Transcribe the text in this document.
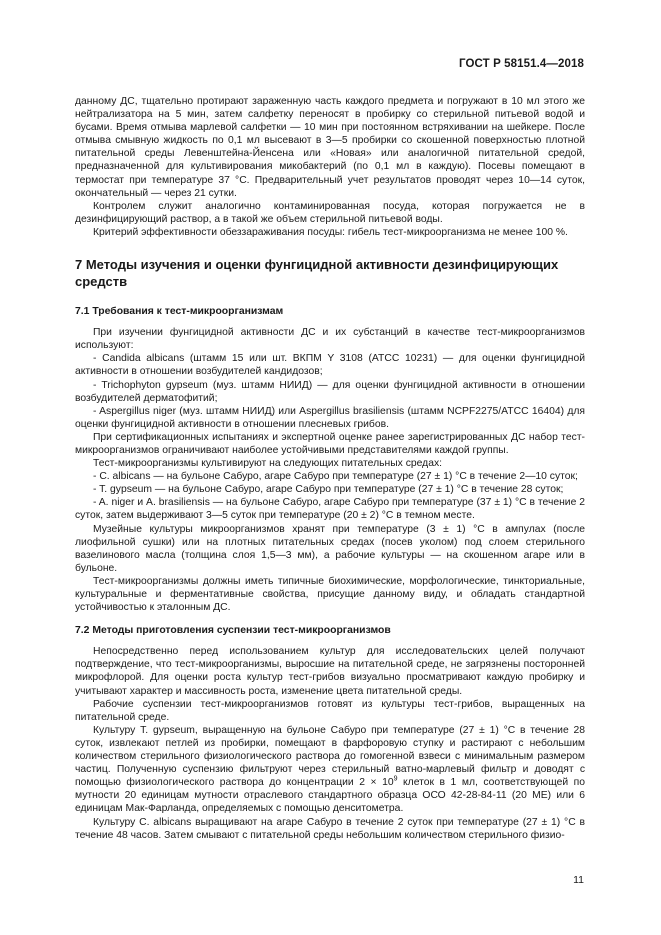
ГОСТ Р 58151.4—2018

данному ДС, тщательно протирают зараженную часть каждого предмета и погружают в 10 мл этого же нейтрализатора на 5 мин, затем салфетку переносят в пробирку со стерильной питьевой водой и бусами. Время отмыва марлевой салфетки — 10 мин при постоянном встряхивании на шейкере. После отмыва смывную жидкость по 0,1 мл высевают в 3—5 пробирки со скошенной поверхностью плотной питательной среды Левенштейна-Йенсена или «Новая» или аналогичной питательной средой, предназначенной для культивирования микобактерий (по 0,1 мл в каждую). Посевы помещают в термостат при температуре 37 °C. Предварительный учет результатов проводят через 10—14 суток, окончательный — через 21 сутки.

Контролем служит аналогично контаминированная посуда, которая погружается не в дезинфицирующий раствор, а в такой же объем стерильной питьевой воды.

Критерий эффективности обеззараживания посуды: гибель тест-микроорганизма не менее 100 %.

7 Методы изучения и оценки фунгицидной активности дезинфицирующих средств

7.1 Требования к тест-микроорганизмам

При изучении фунгицидной активности ДС и их субстанций в качестве тест-микроорганизмов используют:

- Candida albicans (штамм 15 или шт. ВКПМ Y 3108 (ATCC 10231) — для оценки фунгицидной активности в отношении возбудителей кандидозов;

- Trichophyton gypseum (муз. штамм НИИД) — для оценки фунгицидной активности в отношении возбудителей дерматофитий;

- Aspergillus niger (муз. штамм НИИД) или Aspergillus brasiliensis (штамм NCPF2275/ATCC 16404) для оценки фунгицидной активности в отношении плесневых грибов.

При сертификационных испытаниях и экспертной оценке ранее зарегистрированных ДС набор тест-микроорганизмов ограничивают наиболее устойчивыми представителями каждой группы.

Тест-микроорганизмы культивируют на следующих питательных средах:

- C. albicans — на бульоне Сабуро, агаре Сабуро при температуре (27 ± 1) °C в течение 2—10 суток;

- T. gypseum — на бульоне Сабуро, агаре Сабуро при температуре (27 ± 1) °C в течение 28 суток;

- A. niger и A. brasiliensis — на бульоне Сабуро, агаре Сабуро при температуре (37 ± 1) °C в течение 2 суток, затем выдерживают 3—5 суток при температуре (20 ± 2) °C в темном месте.

Музейные культуры микроорганизмов хранят при температуре (3 ± 1) °C в ампулах (после лиофильной сушки) или на плотных питательных средах (посев уколом) под слоем стерильного вазелинового масла (толщина слоя 1,5—3 мм), а рабочие культуры — на скошенном агаре или в бульоне.

Тест-микроорганизмы должны иметь типичные биохимические, морфологические, тинкториальные, культуральные и ферментативные свойства, присущие данному виду, и обладать стандартной устойчивостью к эталонным ДС.

7.2 Методы приготовления суспензии тест-микроорганизмов

Непосредственно перед использованием культур для исследовательских целей получают подтверждение, что тест-микроорганизмы, выросшие на питательной среде, не загрязнены посторонней микрофлорой. Для оценки роста культур тест-грибов визуально просматривают каждую пробирку и учитывают характер и массивность роста, изменение цвета питательной среды.

Рабочие суспензии тест-микроорганизмов готовят из культуры тест-грибов, выращенных на питательной среде.

Культуру T. gypseum, выращенную на бульоне Сабуро при температуре (27 ± 1) °C в течение 28 суток, извлекают петлей из пробирки, помещают в фарфоровую ступку и растирают с небольшим количеством стерильного физиологического раствора до гомогенной взвеси с минимальным размером частиц. Полученную суспензию фильтруют через стерильный ватно-марлевый фильтр и доводят с помощью физиологического раствора до концентрации $2 \times 10^9$ клеток в 1 мл, соответствующей по мутности 20 единицам мутности отраслевого стандартного образца ОСО 42-28-84-11 (20 МЕ) или 6 единицам Мак-Фарланда, определяемых с помощью денситометра.

Культуру C. albicans выращивают на агаре Сабуро в течение 2 суток при температуре (27 ± 1) °C в течение 48 часов. Затем смывают с питательной среды небольшим количеством стерильного физио-

11
